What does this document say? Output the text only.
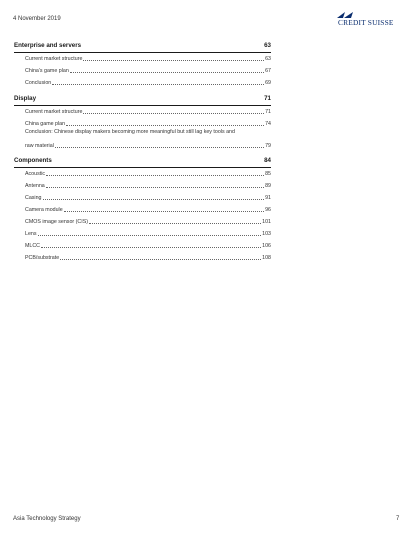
4 November 2019	CREDIT SUISSE
Enterprise and servers	63
Current market structure	63
China’s game plan	67
Conclusion	69
Display	71
Current market structure	71
China game plan	74
Conclusion: Chinese display makers becoming more meaningful but still lag key tools and
raw material	79
Components	84
Acoustic	85
Antenna	89
Casing	91
Camera module	96
CMOS image sensor (CIS)	101
Lens	103
MLCC	106
PCB/substrate	108
Asia Technology Strategy	7
